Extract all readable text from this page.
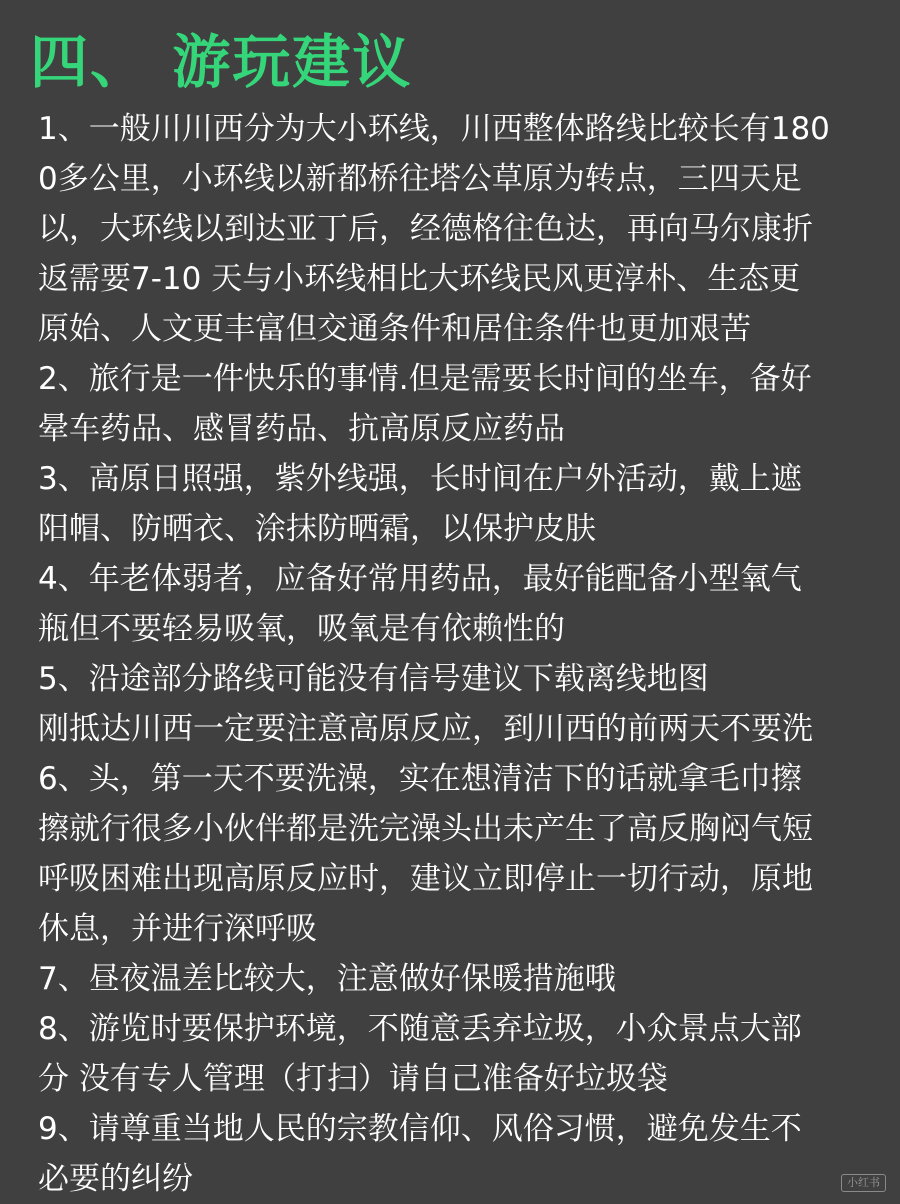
四、 游玩建议
1、一般川川西分为大小环线，川西整体路线比较长有180
0多公里，小环线以新都桥往塔公草原为转点，三四天足
以，大环线以到达亚丁后，经德格往色达，再向马尔康折
返需要7-10 天与小环线相比大环线民风更淳朴、生态更
原始、人文更丰富但交通条件和居住条件也更加艰苦
2、旅行是一件快乐的事情.但是需要长时间的坐车，备好
晕车药品、感冒药品、抗高原反应药品
3、高原日照强，紫外线强，长时间在户外活动，戴上遮
阳帽、防晒衣、涂抹防晒霜，以保护皮肤
4、年老体弱者，应备好常用药品，最好能配备小型氧气
瓶但不要轻易吸氧，吸氧是有依赖性的
5、沿途部分路线可能没有信号建议下载离线地图
刚抵达川西一定要注意高原反应，到川西的前两天不要洗
6、头，第一天不要洗澡，实在想清洁下的话就拿毛巾擦
擦就行很多小伙伴都是洗完澡头出未产生了高反胸闷气短
呼吸困难出现高原反应时，建议立即停止一切行动，原地
休息，并进行深呼吸
7、昼夜温差比较大，注意做好保暖措施哦
8、游览时要保护环境，不随意丢弃垃圾，小众景点大部
分 没有专人管理（打扫）请自己准备好垃圾袋
9、请尊重当地人民的宗教信仰、风俗习惯，避免发生不
必要的纠纷	小红书
